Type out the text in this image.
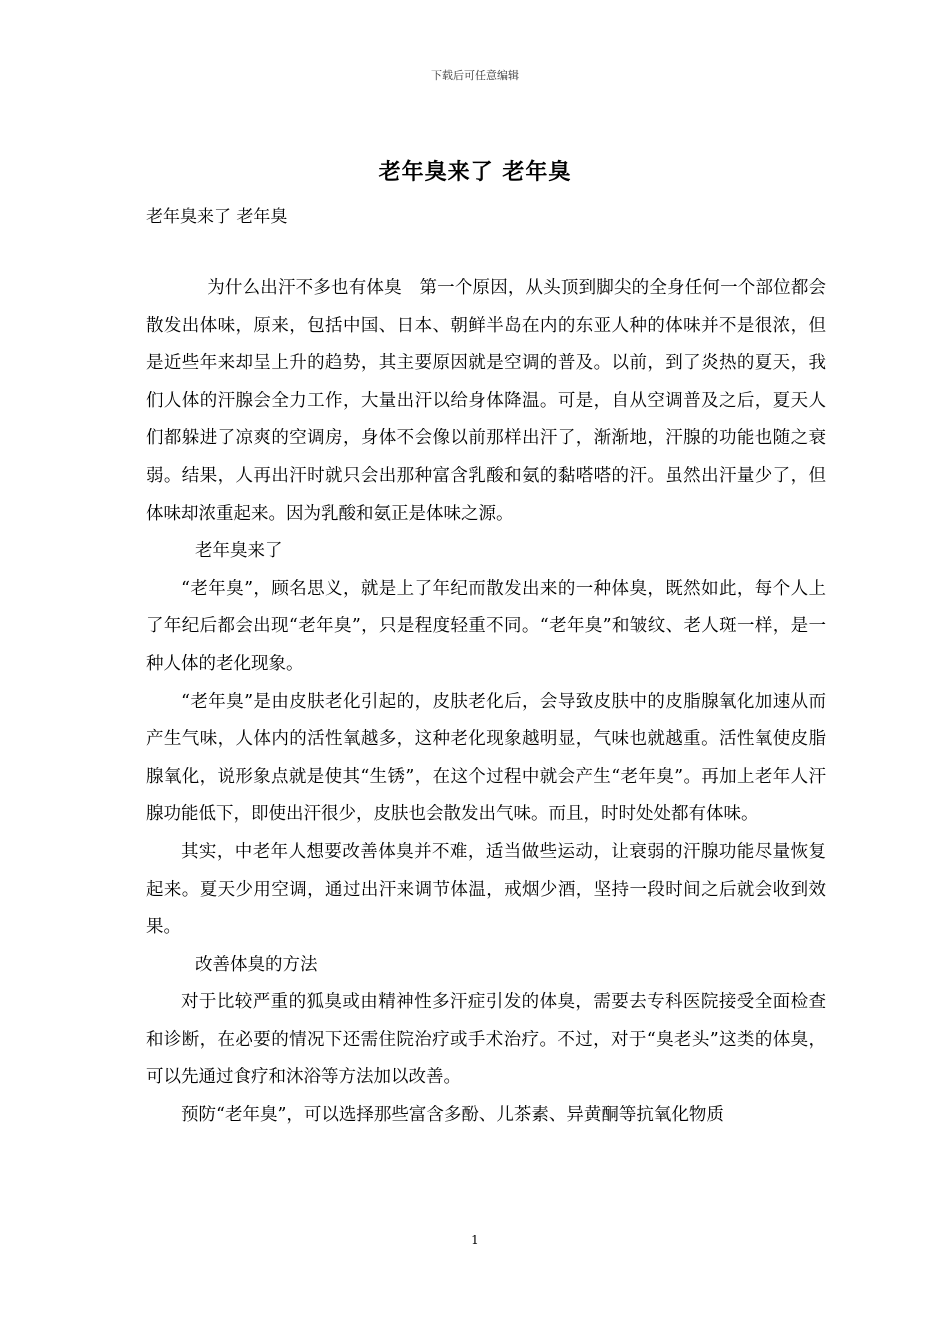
下载后可任意编辑
老年臭来了 老年臭
老年臭来了 老年臭

为什么出汗不多也有体臭　第一个原因，从头顶到脚尖的全身任何一个部位都会散发出体味，原来，包括中国、日本、朝鲜半岛在内的东亚人种的体味并不是很浓，但是近些年来却呈上升的趋势，其主要原因就是空调的普及。以前，到了炎热的夏天，我们人体的汗腺会全力工作，大量出汗以给身体降温。可是，自从空调普及之后，夏天人们都躲进了凉爽的空调房，身体不会像以前那样出汗了，渐渐地，汗腺的功能也随之衰弱。结果，人再出汗时就只会出那种富含乳酸和氨的黏嗒嗒的汗。虽然出汗量少了，但体味却浓重起来。因为乳酸和氨正是体味之源。

老年臭来了

“老年臭”，顾名思义，就是上了年纪而散发出来的一种体臭，既然如此，每个人上了年纪后都会出现“老年臭”，只是程度轻重不同。“老年臭”和皱纹、老人斑一样，是一种人体的老化现象。

“老年臭”是由皮肤老化引起的，皮肤老化后，会导致皮肤中的皮脂腺氧化加速从而产生气味，人体内的活性氧越多，这种老化现象越明显，气味也就越重。活性氧使皮脂腺氧化，说形象点就是使其“生锈”，在这个过程中就会产生“老年臭”。再加上老年人汗腺功能低下，即使出汗很少，皮肤也会散发出气味。而且，时时处处都有体味。

其实，中老年人想要改善体臭并不难，适当做些运动，让衰弱的汗腺功能尽量恢复起来。夏天少用空调，通过出汗来调节体温，戒烟少酒，坚持一段时间之后就会收到效果。

改善体臭的方法

对于比较严重的狐臭或由精神性多汗症引发的体臭，需要去专科医院接受全面检查和诊断，在必要的情况下还需住院治疗或手术治疗。不过，对于“臭老头”这类的体臭，可以先通过食疗和沐浴等方法加以改善。

预防“老年臭”，可以选择那些富含多酚、儿茶素、异黄酮等抗氧化物质

1
